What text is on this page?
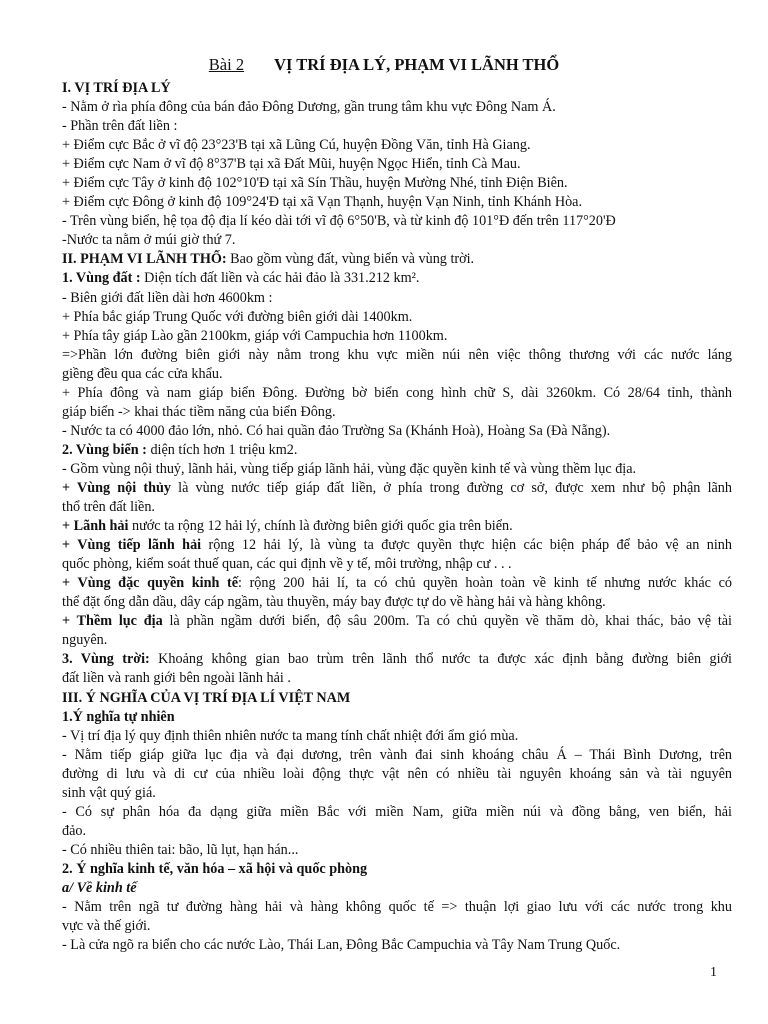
Bài 2 VỊ TRÍ ĐỊA LÝ, PHẠM VI LÃNH THỔ
I. VỊ TRÍ ĐỊA LÝ
- Nằm ở rìa phía đông của bán đảo Đông Dương, gần trung tâm khu vực Đông Nam Á.
- Phần trên đất liền :
+ Điểm cực Bắc ở vĩ độ 23°23'B tại xã Lũng Cú, huyện Đồng Văn, tỉnh Hà Giang.
+ Điểm cực Nam ở vĩ độ 8°37'B tại xã Đất Mũi, huyện Ngọc Hiển, tỉnh Cà Mau.
+ Điểm cực Tây ở kinh độ 102°10'Đ tại xã Sín Thầu, huyện Mường Nhé, tỉnh Điện Biên.
+ Điểm cực Đông ở kinh độ 109°24'Đ tại xã Vạn Thạnh, huyện Vạn Ninh, tỉnh Khánh Hòa.
- Trên vùng biển, hệ tọa độ địa lí kéo dài tới vĩ độ 6°50'B, và từ kinh độ 101°Đ đến trên 117°20'Đ
-Nước ta nằm ở múi giờ thứ 7.
II. PHẠM VI LÃNH THỔ: Bao gồm vùng đất, vùng biển và vùng trời.
1. Vùng đất : Diện tích đất liền và các hải đảo là 331.212 km².
- Biên giới đất liền dài hơn 4600km :
+ Phía bắc giáp Trung Quốc với đường biên giới dài 1400km.
+ Phía tây giáp Lào gần 2100km, giáp với Campuchia hơn 1100km.
=>Phần lớn đường biên giới này nằm trong khu vực miền núi nên việc thông thương với các nước láng
giềng đều qua các cửa khẩu.
+ Phía đông và nam giáp biển Đông. Đường bờ biển cong hình chữ S, dài 3260km. Có 28/64 tỉnh, thành
giáp biển -> khai thác tiềm năng của biển Đông.
- Nước ta có 4000 đảo lớn, nhỏ. Có hai quần đảo Trường Sa (Khánh Hoà), Hoàng Sa (Đà Nẵng).
2. Vùng biển : diện tích hơn 1 triệu km2.
- Gồm vùng nội thuỷ, lãnh hải, vùng tiếp giáp lãnh hải, vùng đặc quyền kinh tế và vùng thềm lục địa.
+ Vùng nội thủy là vùng nước tiếp giáp đất liền, ở phía trong đường cơ sở, được xem như bộ phận lãnh
thổ trên đất liền.
+ Lãnh hải nước ta rộng 12 hải lý, chính là đường biên giới quốc gia trên biển.
+ Vùng tiếp lãnh hải rộng 12 hải lý, là vùng ta được quyền thực hiện các biện pháp để bảo vệ an ninh
quốc phòng, kiểm soát thuế quan, các qui định về y tế, môi trường, nhập cư . . .
+ Vùng đặc quyền kinh tế: rộng 200 hải lí, ta có chủ quyền hoàn toàn về kinh tế nhưng nước khác có
thể đặt ống dẫn dầu, dây cáp ngầm, tàu thuyền, máy bay được tự do về hàng hải và hàng không.
+ Thềm lục địa là phần ngầm dưới biển, độ sâu 200m. Ta có chủ quyền về thăm dò, khai thác, bảo vệ tài
nguyên.
3. Vùng trời: Khoảng không gian bao trùm trên lãnh thổ nước ta được xác định bằng đường biên giới
đất liền và ranh giới bên ngoài lãnh hải .
III. Ý NGHĨA CỦA VỊ TRÍ ĐỊA LÍ VIỆT NAM
1.Ý nghĩa tự nhiên
- Vị trí địa lý quy định thiên nhiên nước ta mang tính chất nhiệt đới ẩm gió mùa.
- Nằm tiếp giáp giữa lục địa và đại dương, trên vành đai sinh khoáng châu Á – Thái Bình Dương, trên
đường di lưu và di cư của nhiều loài động thực vật nên có nhiều tài nguyên khoáng sản và tài nguyên
sinh vật quý giá.
- Có sự phân hóa đa dạng giữa miền Bắc với miền Nam, giữa miền núi và đồng bằng, ven biển, hải
đảo.
- Có nhiều thiên tai: bão, lũ lụt, hạn hán...
2. Ý nghĩa kinh tế, văn hóa – xã hội và quốc phòng
a/ Về kinh tế
- Nằm trên ngã tư đường hàng hải và hàng không quốc tế => thuận lợi giao lưu với các nước trong khu
vực và thế giới.
- Là cửa ngõ ra biển cho các nước Lào, Thái Lan, Đông Bắc Campuchia và Tây Nam Trung Quốc.
1
